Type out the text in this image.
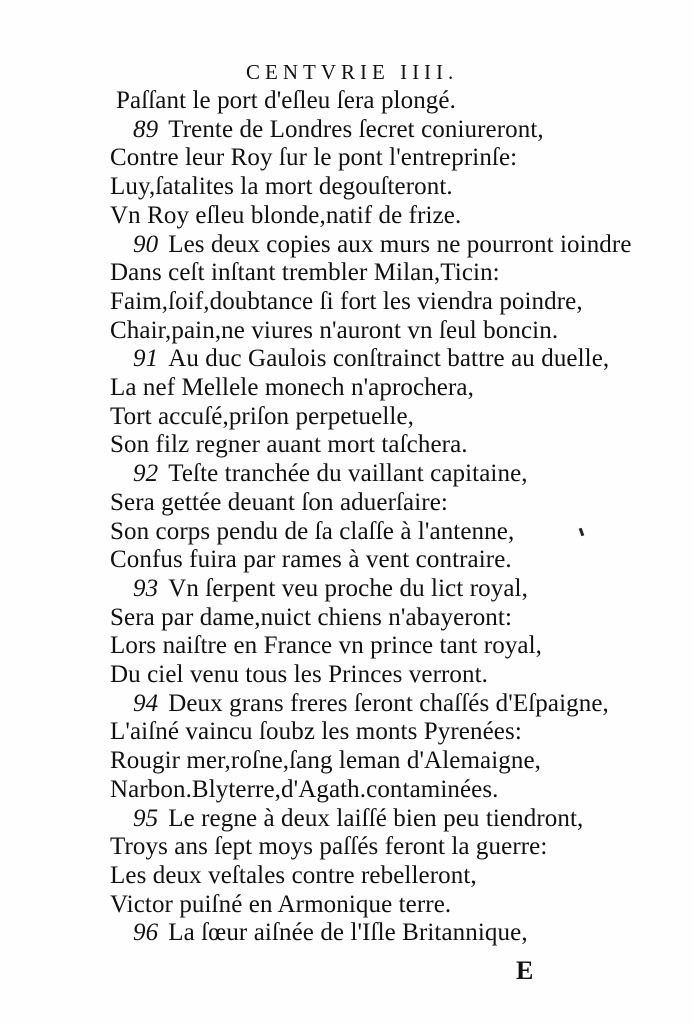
CENTVRIE IIII.
Paſſant le port d'eſleu ſera plongé.
89 Trente de Londres ſecret coniureront,
Contre leur Roy ſur le pont l'entreprinſe:
Luy,ſatalites la mort degouſteront.
Vn Roy eſleu blonde,natif de frize.
90 Les deux copies aux murs ne pourront ioindre
Dans ceſt inſtant trembler Milan,Ticin:
Faim,ſoif,doubtance ſi fort les viendra poindre,
Chair,pain,ne viures n'auront vn ſeul boncin.
91 Au duc Gaulois conſtrainct battre au duelle,
La nef Mellele monech n'aprochera,
Tort accuſé,priſon perpetuelle,
Son filz regner auant mort taſchera.
92 Teſte tranchée du vaillant capitaine,
Sera gettée deuant ſon aduerſaire:
Son corps pendu de ſa claſſe à l'antenne,
Confus fuira par rames à vent contraire.
93 Vn ſerpent veu proche du lict royal,
Sera par dame,nuict chiens n'abayeront:
Lors naiſtre en France vn prince tant royal,
Du ciel venu tous les Princes verront.
94 Deux grans freres ſeront chaſſés d'Eſpaigne,
L'aiſné vaincu ſoubz les monts Pyrenées:
Rougir mer,roſne,ſang leman d'Alemaigne,
Narbon.Blyterre,d'Agath.contaminées.
95 Le regne à deux laiſſé bien peu tiendront,
Troys ans ſept moys paſſés feront la guerre:
Les deux veſtales contre rebelleront,
Victor puiſné en Armonique terre.
96 La ſœur aiſnée de l'Iſle Britannique,
E
